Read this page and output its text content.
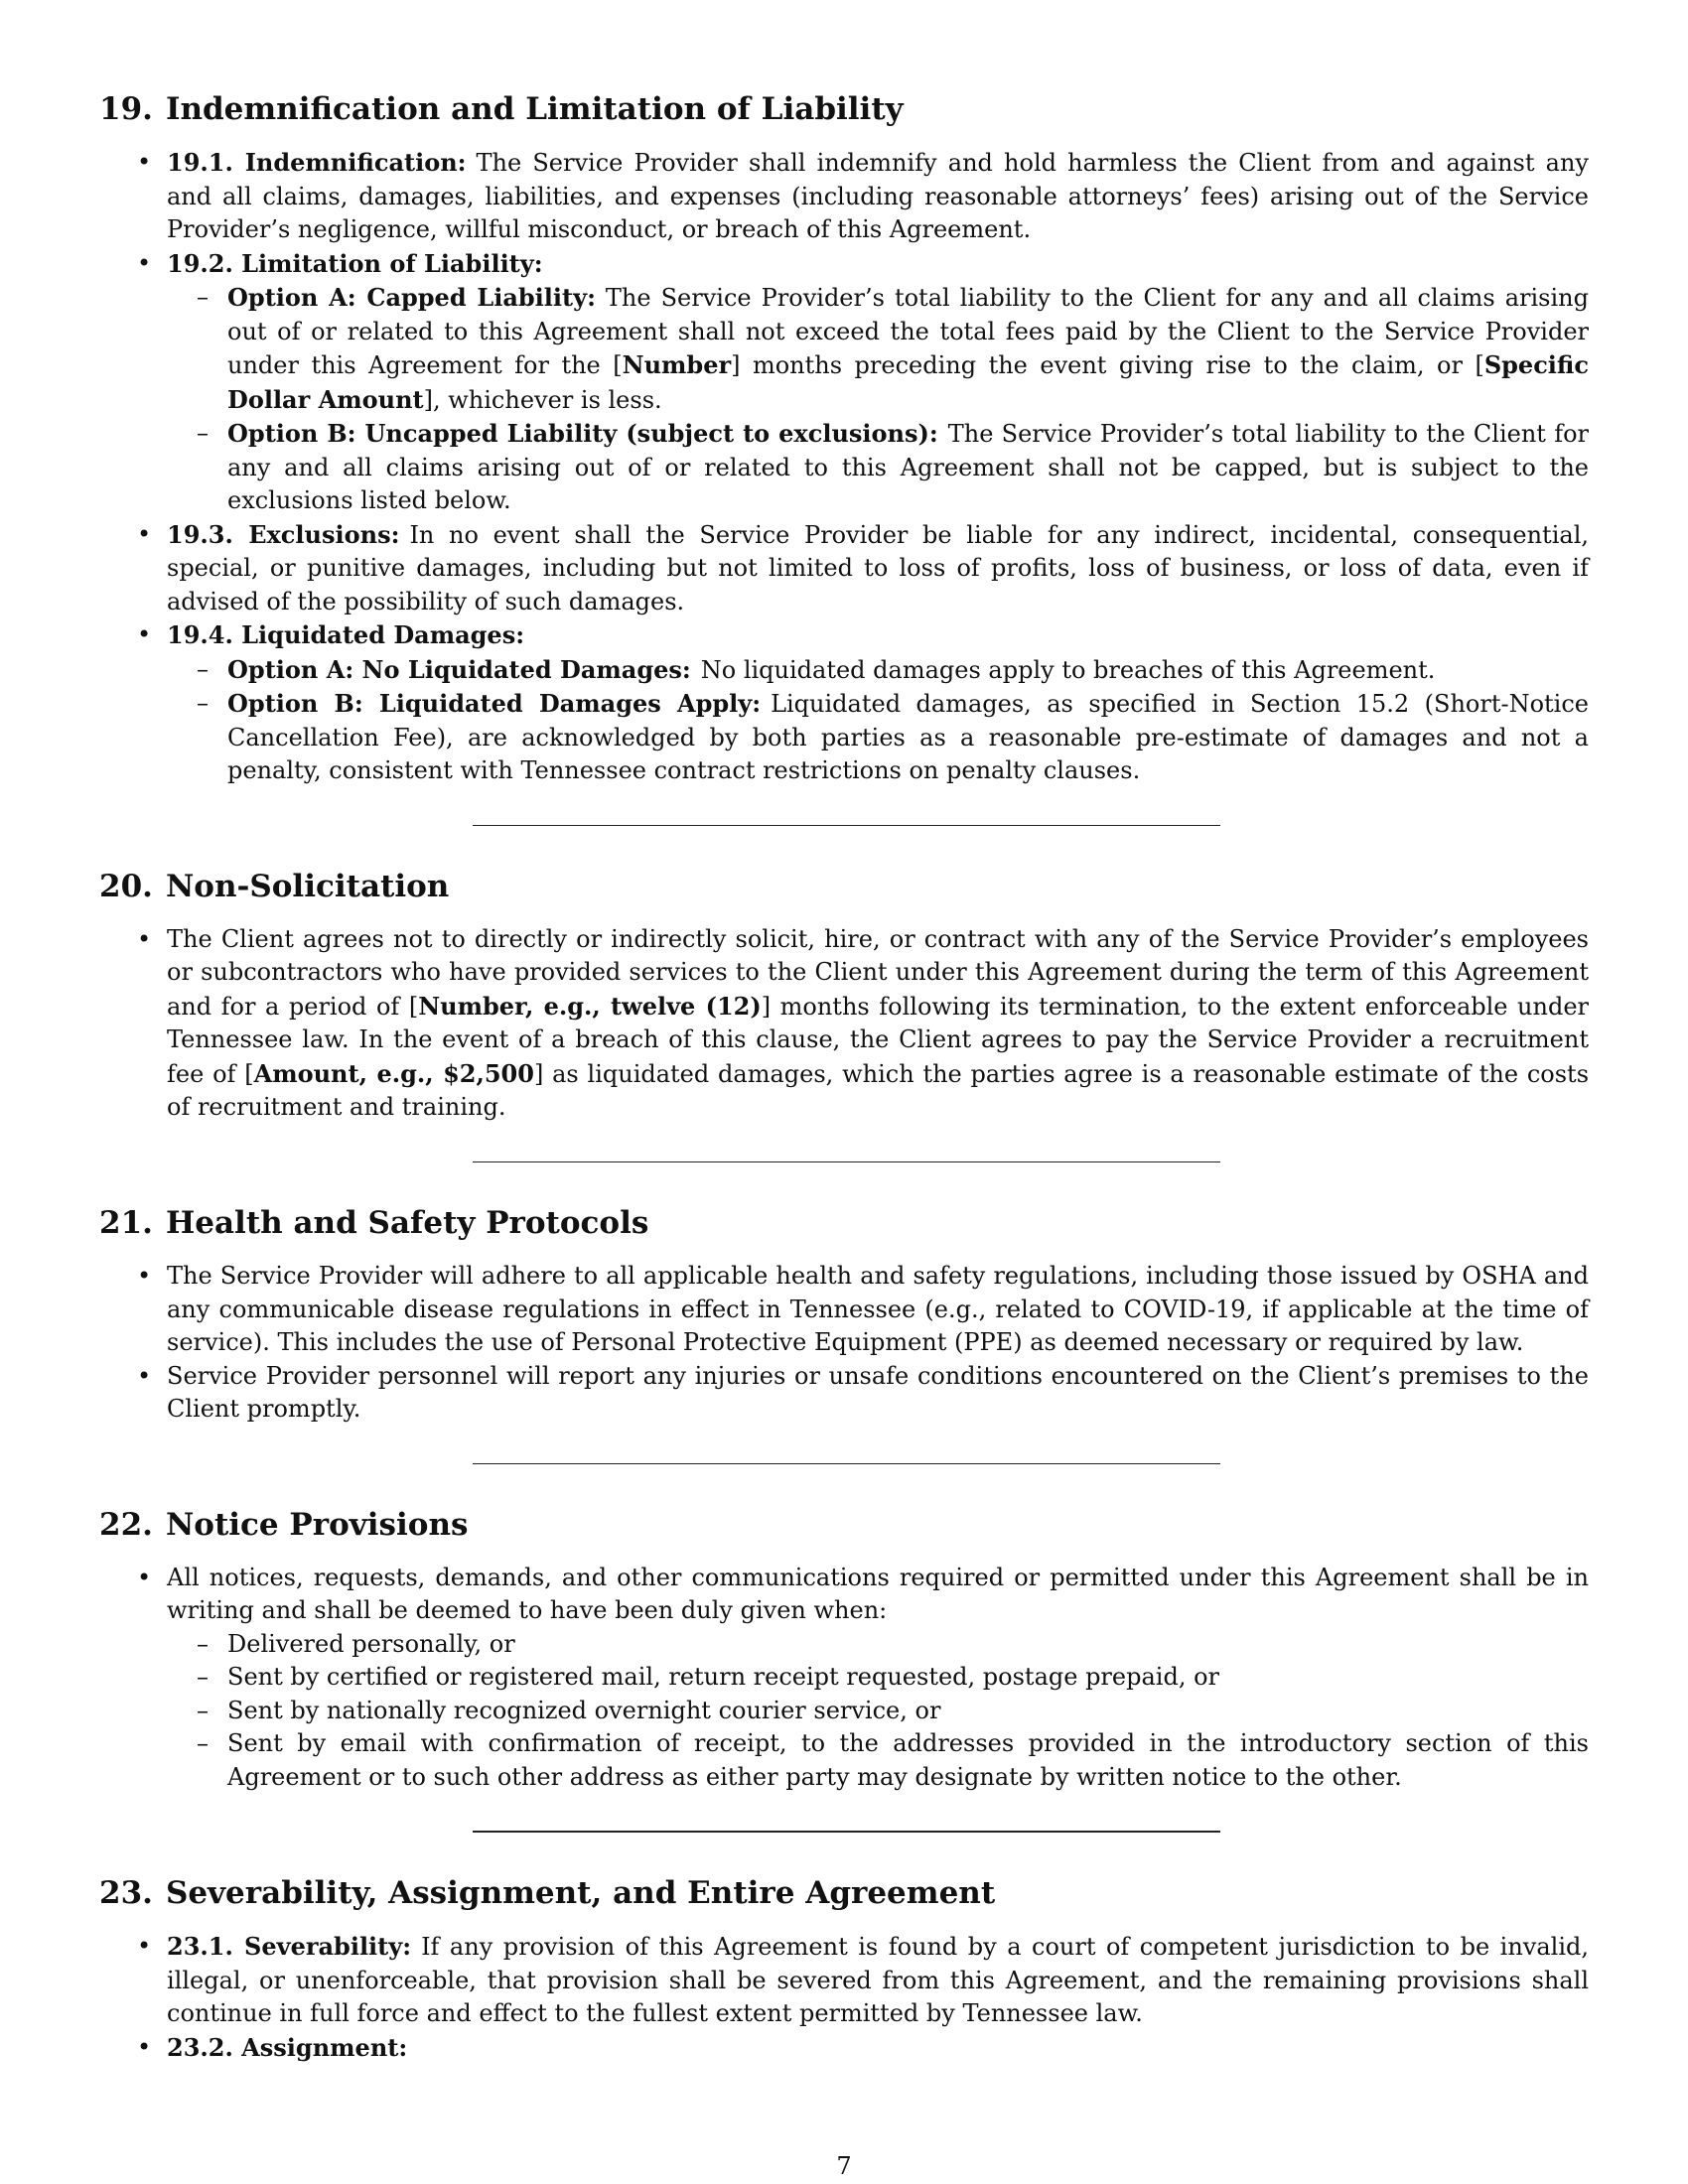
19. Indemnification and Limitation of Liability
• 19.1. Indemnification: The Service Provider shall indemnify and hold harmless the Client from and against any and all claims, damages, liabilities, and expenses (including reasonable attorneys’ fees) arising out of the Service Provider’s negligence, willful misconduct, or breach of this Agreement.
• 19.2. Limitation of Liability:
– Option A: Capped Liability: The Service Provider’s total liability to the Client for any and all claims arising out of or related to this Agreement shall not exceed the total fees paid by the Client to the Service Provider under this Agreement for the [Number] months preceding the event giving rise to the claim, or [Specific Dollar Amount], whichever is less.
– Option B: Uncapped Liability (subject to exclusions): The Service Provider’s total liability to the Client for any and all claims arising out of or related to this Agreement shall not be capped, but is subject to the exclusions listed below.
• 19.3. Exclusions: In no event shall the Service Provider be liable for any indirect, incidental, consequential, special, or punitive damages, including but not limited to loss of profits, loss of business, or loss of data, even if advised of the possibility of such damages.
• 19.4. Liquidated Damages:
– Option A: No Liquidated Damages: No liquidated damages apply to breaches of this Agreement.
– Option B: Liquidated Damages Apply: Liquidated damages, as specified in Section 15.2 (Short-Notice Cancellation Fee), are acknowledged by both parties as a reasonable pre-estimate of damages and not a penalty, consistent with Tennessee contract restrictions on penalty clauses.
20. Non-Solicitation
• The Client agrees not to directly or indirectly solicit, hire, or contract with any of the Service Provider’s employees or subcontractors who have provided services to the Client under this Agreement during the term of this Agreement and for a period of [Number, e.g., twelve (12)] months following its termination, to the extent enforceable under Tennessee law. In the event of a breach of this clause, the Client agrees to pay the Service Provider a recruitment fee of [Amount, e.g., $2,500] as liquidated damages, which the parties agree is a reasonable estimate of the costs of recruitment and training.
21. Health and Safety Protocols
• The Service Provider will adhere to all applicable health and safety regulations, including those issued by OSHA and any communicable disease regulations in effect in Tennessee (e.g., related to COVID-19, if applicable at the time of service). This includes the use of Personal Protective Equipment (PPE) as deemed necessary or required by law.
• Service Provider personnel will report any injuries or unsafe conditions encountered on the Client’s premises to the Client promptly.
22. Notice Provisions
• All notices, requests, demands, and other communications required or permitted under this Agreement shall be in writing and shall be deemed to have been duly given when:
– Delivered personally, or
– Sent by certified or registered mail, return receipt requested, postage prepaid, or
– Sent by nationally recognized overnight courier service, or
– Sent by email with confirmation of receipt, to the addresses provided in the introductory section of this Agreement or to such other address as either party may designate by written notice to the other.
23. Severability, Assignment, and Entire Agreement
• 23.1. Severability: If any provision of this Agreement is found by a court of competent jurisdiction to be invalid, illegal, or unenforceable, that provision shall be severed from this Agreement, and the remaining provisions shall continue in full force and effect to the fullest extent permitted by Tennessee law.
• 23.2. Assignment:
7
